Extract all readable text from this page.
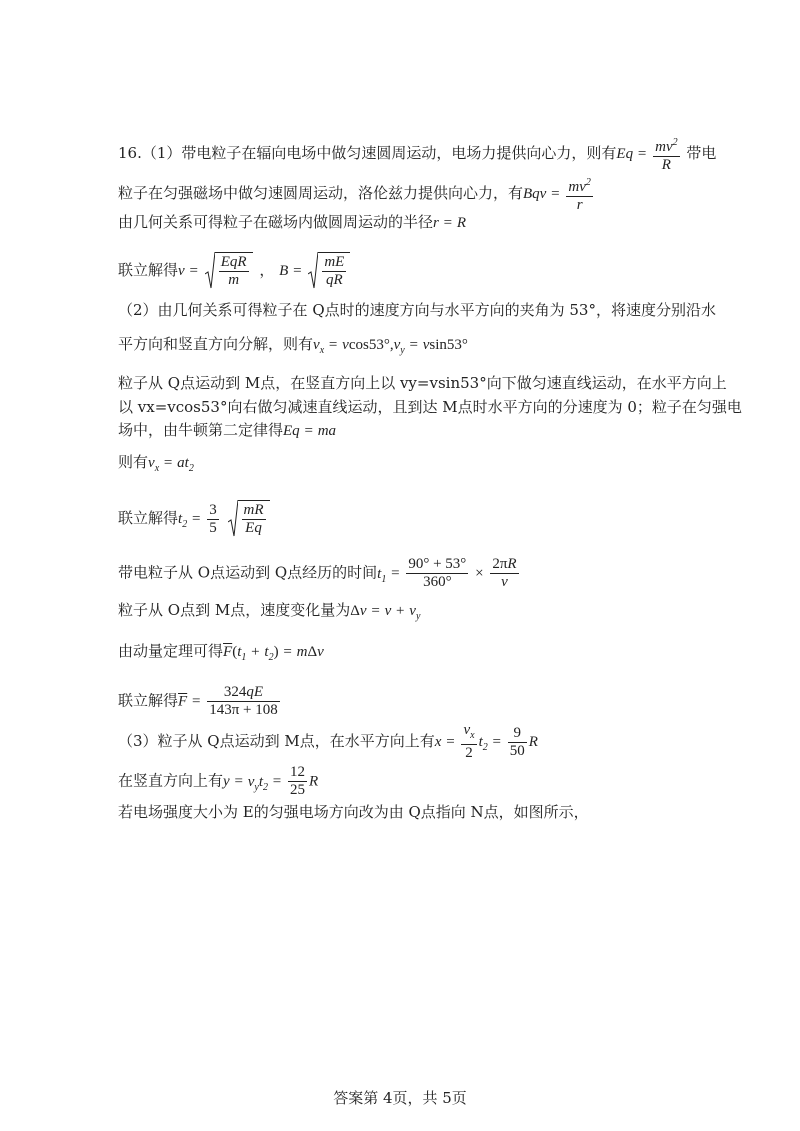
16.（1）带电粒子在辐向电场中做匀速圆周运动，电场力提供向心力，则有$Eq = \frac{mv^2}{R}$ 带电
粒子在匀强磁场中做匀速圆周运动，洛伦兹力提供向心力，有Bqv = $\frac{mv^2}{r}$
由几何关系可得粒子在磁场内做圆周运动的半径r = R
联立解得$v = \frac{\text{EqR}}{m}$ ， $B = \frac{mE}{qR}$
（2）由几何关系可得粒子在 Q点时的速度方向与水平方向的夹角为 53°，将速度分别沿水
平方向和竖直方向分解，则有$v_x = vcos53^\circ,v_y = vsin53^\circ$
粒子从 Q点运动到 M点，在竖直方向上以 vy=vsin53°向下做匀速直线运动，在水平方向上
以 vx=vcos53°向右做匀减速直线运动，且到达 M点时水平方向的分速度为 0；粒子在匀强电
场中，由牛顿第二定律得Eq = ma
则有$v_x = at_2$
联立解得$t_2 = \frac{3}{5}$
$\frac{mR}{Eq}$
带电粒子从 O点运动到 Q点经历的时间$t_1 = \frac{90^\circ + 53^\circ}{360^\circ} \times \frac{2\pi R}{v}$
粒子从 O点到 M点，速度变化量为$\Delta v = v + v_y$
由动量定理可得$\overline{F}(t_1 + t_2) = m\Delta v$
联立解得$\overline{F} = \frac{324qE}{143\pi + 108}$
（3）粒子从 Q点运动到 M点，在水平方向上有$x = \frac{v_x}{2} t_2 = \frac{9}{50}$ R
在竖直方向上有$y = v_yt_2 = \frac{12}{25}$ R
若电场强度大小为 E的匀强电场方向改为由 Q点指向 N点，如图所示，
答案第 4页，共 5页
